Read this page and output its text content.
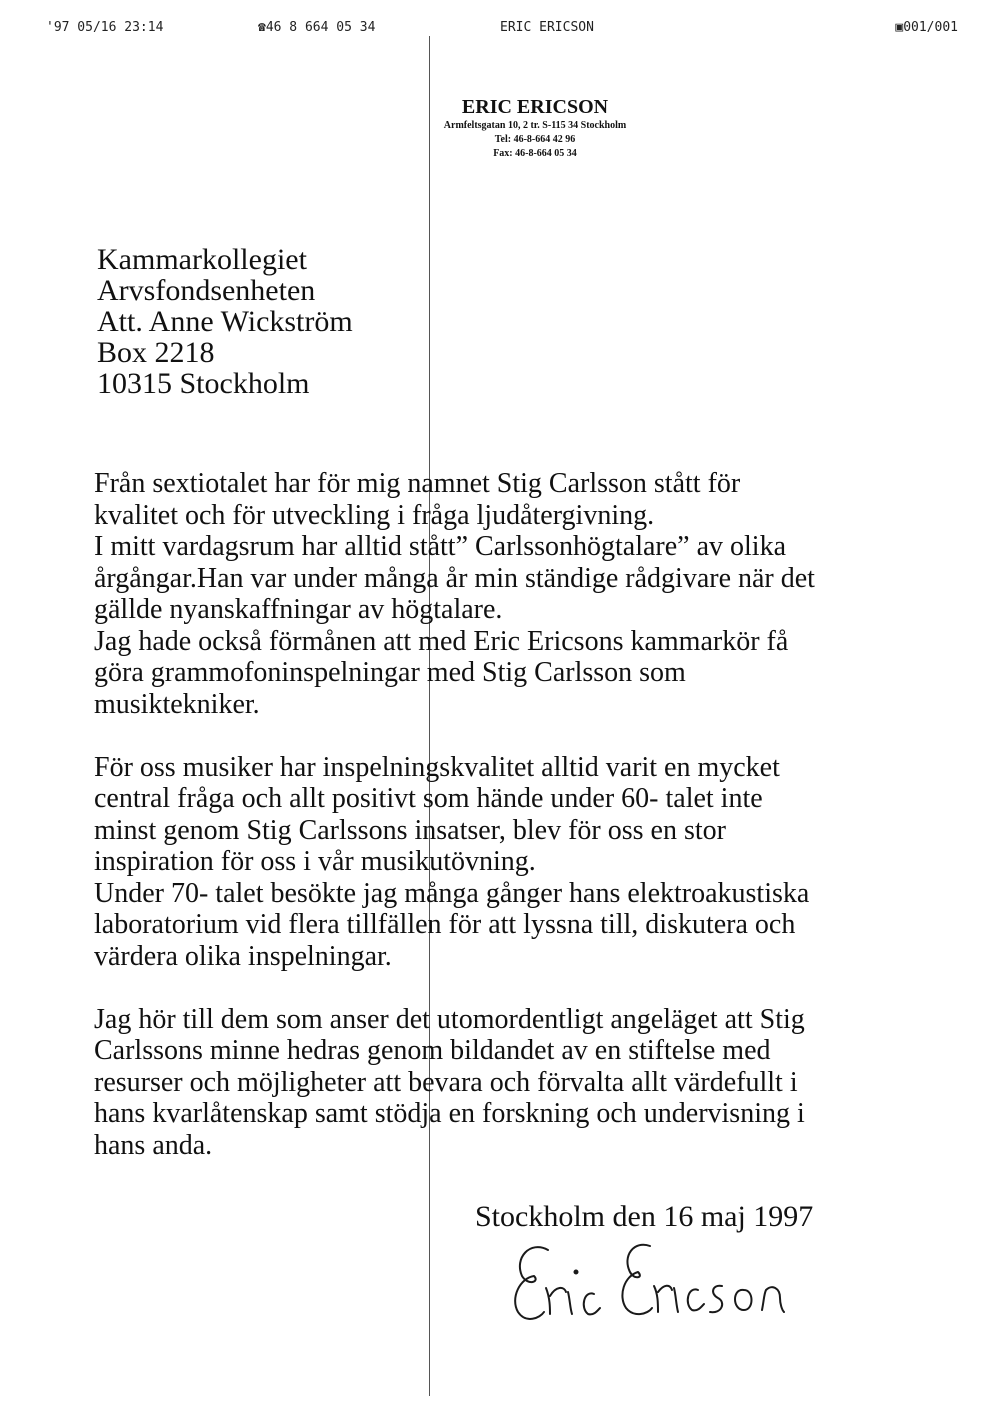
'97 05/16 23:14	☎46 8 664 05 34	ERIC ERICSON	▣001/001
ERIC ERICSON
Armfeltsgatan 10, 2 tr. S-115 34 Stockholm
Tel: 46-8-664 42 96
Fax: 46-8-664 05 34
Kammarkollegiet
Arvsfondsenheten
Att. Anne Wickström
Box 2218
10315 Stockholm
Från sextiotalet har för mig namnet Stig Carlsson stått för
kvalitet och för utveckling i fråga ljudåtergivning.
I mitt vardagsrum har alltid stått” Carlssonhögtalare” av olika
årgångar.Han var under många år min ständige rådgivare när det
gällde nyanskaffningar av högtalare.
Jag hade också förmånen att med Eric Ericsons kammarkör få
göra grammofoninspelningar med Stig Carlsson som
musiktekniker.
För oss musiker har inspelningskvalitet alltid varit en mycket
central fråga och allt positivt som hände under 60- talet inte
minst genom Stig Carlssons insatser, blev för oss en stor
inspiration för oss i vår musikutövning.
Under 70- talet besökte jag många gånger hans elektroakustiska
laboratorium vid flera tillfällen för att lyssna till, diskutera och
värdera olika inspelningar.
Jag hör till dem som anser det utomordentligt angeläget att Stig
Carlssons minne hedras genom bildandet av en stiftelse med
resurser och möjligheter att bevara och förvalta allt värdefullt i
hans kvarlåtenskap samt stödja en forskning och undervisning i
hans anda.
Stockholm den 16 maj 1997
